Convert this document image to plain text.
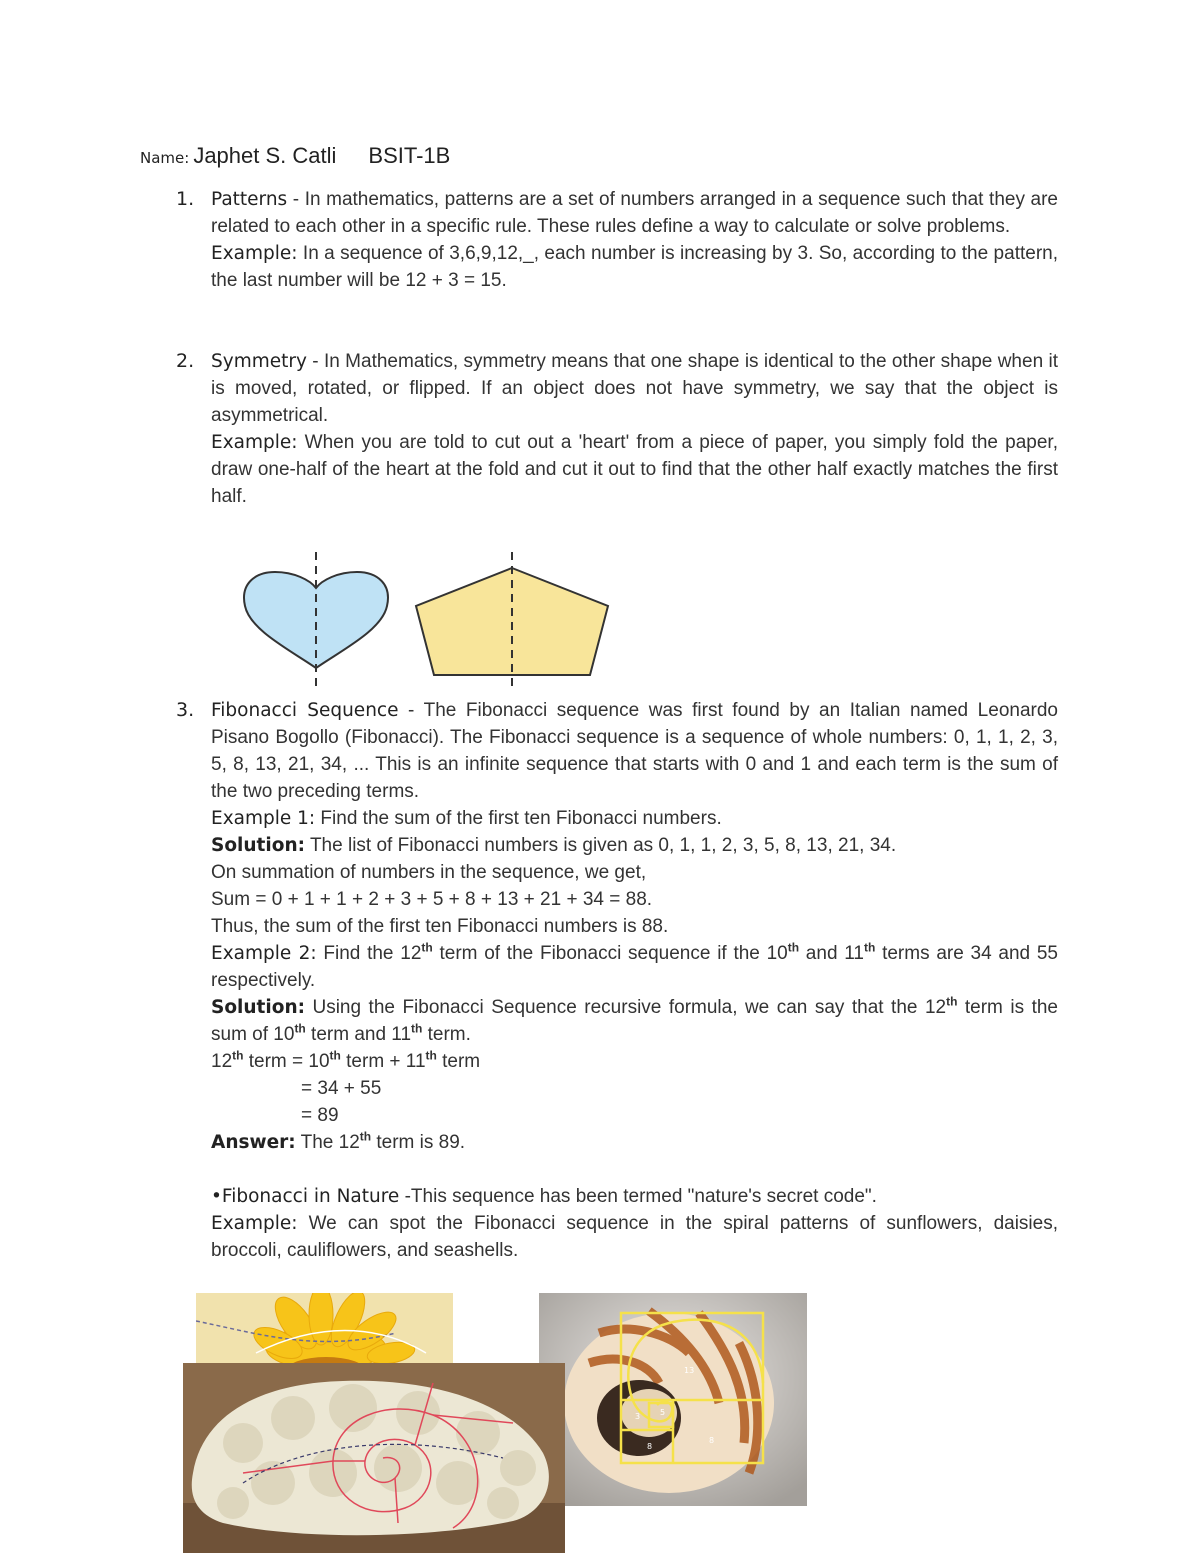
Name: Japhet S. Catli BSIT-1B
1. Patterns - In mathematics, patterns are a set of numbers arranged in a sequence such that they are related to each other in a specific rule. These rules define a way to calculate or solve problems.

Example: In a sequence of 3,6,9,12,_, each number is increasing by 3. So, according to the pattern, the last number will be 12 + 3 = 15.

2. Symmetry - In Mathematics, symmetry means that one shape is identical to the other shape when it is moved, rotated, or flipped. If an object does not have symmetry, we say that the object is asymmetrical.

Example: When you are told to cut out a 'heart' from a piece of paper, you simply fold the paper, draw one-half of the heart at the fold and cut it out to find that the other half exactly matches the first half.

3. Fibonacci Sequence - The Fibonacci sequence was first found by an Italian named Leonardo Pisano Bogollo (Fibonacci). The Fibonacci sequence is a sequence of whole numbers: 0, 1, 1, 2, 3, 5, 8, 13, 21, 34, ... This is an infinite sequence that starts with 0 and 1 and each term is the sum of the two preceding terms.

Example 1: Find the sum of the first ten Fibonacci numbers.

Solution: The list of Fibonacci numbers is given as 0, 1, 1, 2, 3, 5, 8, 13, 21, 34.

On summation of numbers in the sequence, we get,

Sum = 0 + 1 + 1 + 2 + 3 + 5 + 8 + 13 + 21 + 34 = 88.

Thus, the sum of the first ten Fibonacci numbers is 88.

Example 2: Find the 12th term of the Fibonacci sequence if the 10th and 11th terms are 34 and 55 respectively.

Solution: Using the Fibonacci Sequence recursive formula, we can say that the 12th term is the sum of 10th term and 11th term.

12th term = 10th term + 11th term

= 34 + 55

= 89

Answer: The 12th term is 89.

•Fibonacci in Nature -This sequence has been termed "nature's secret code".

Example: We can spot the Fibonacci sequence in the spiral patterns of sunflowers, daisies, broccoli, cauliflowers, and seashells.

13
3 5
8
8
